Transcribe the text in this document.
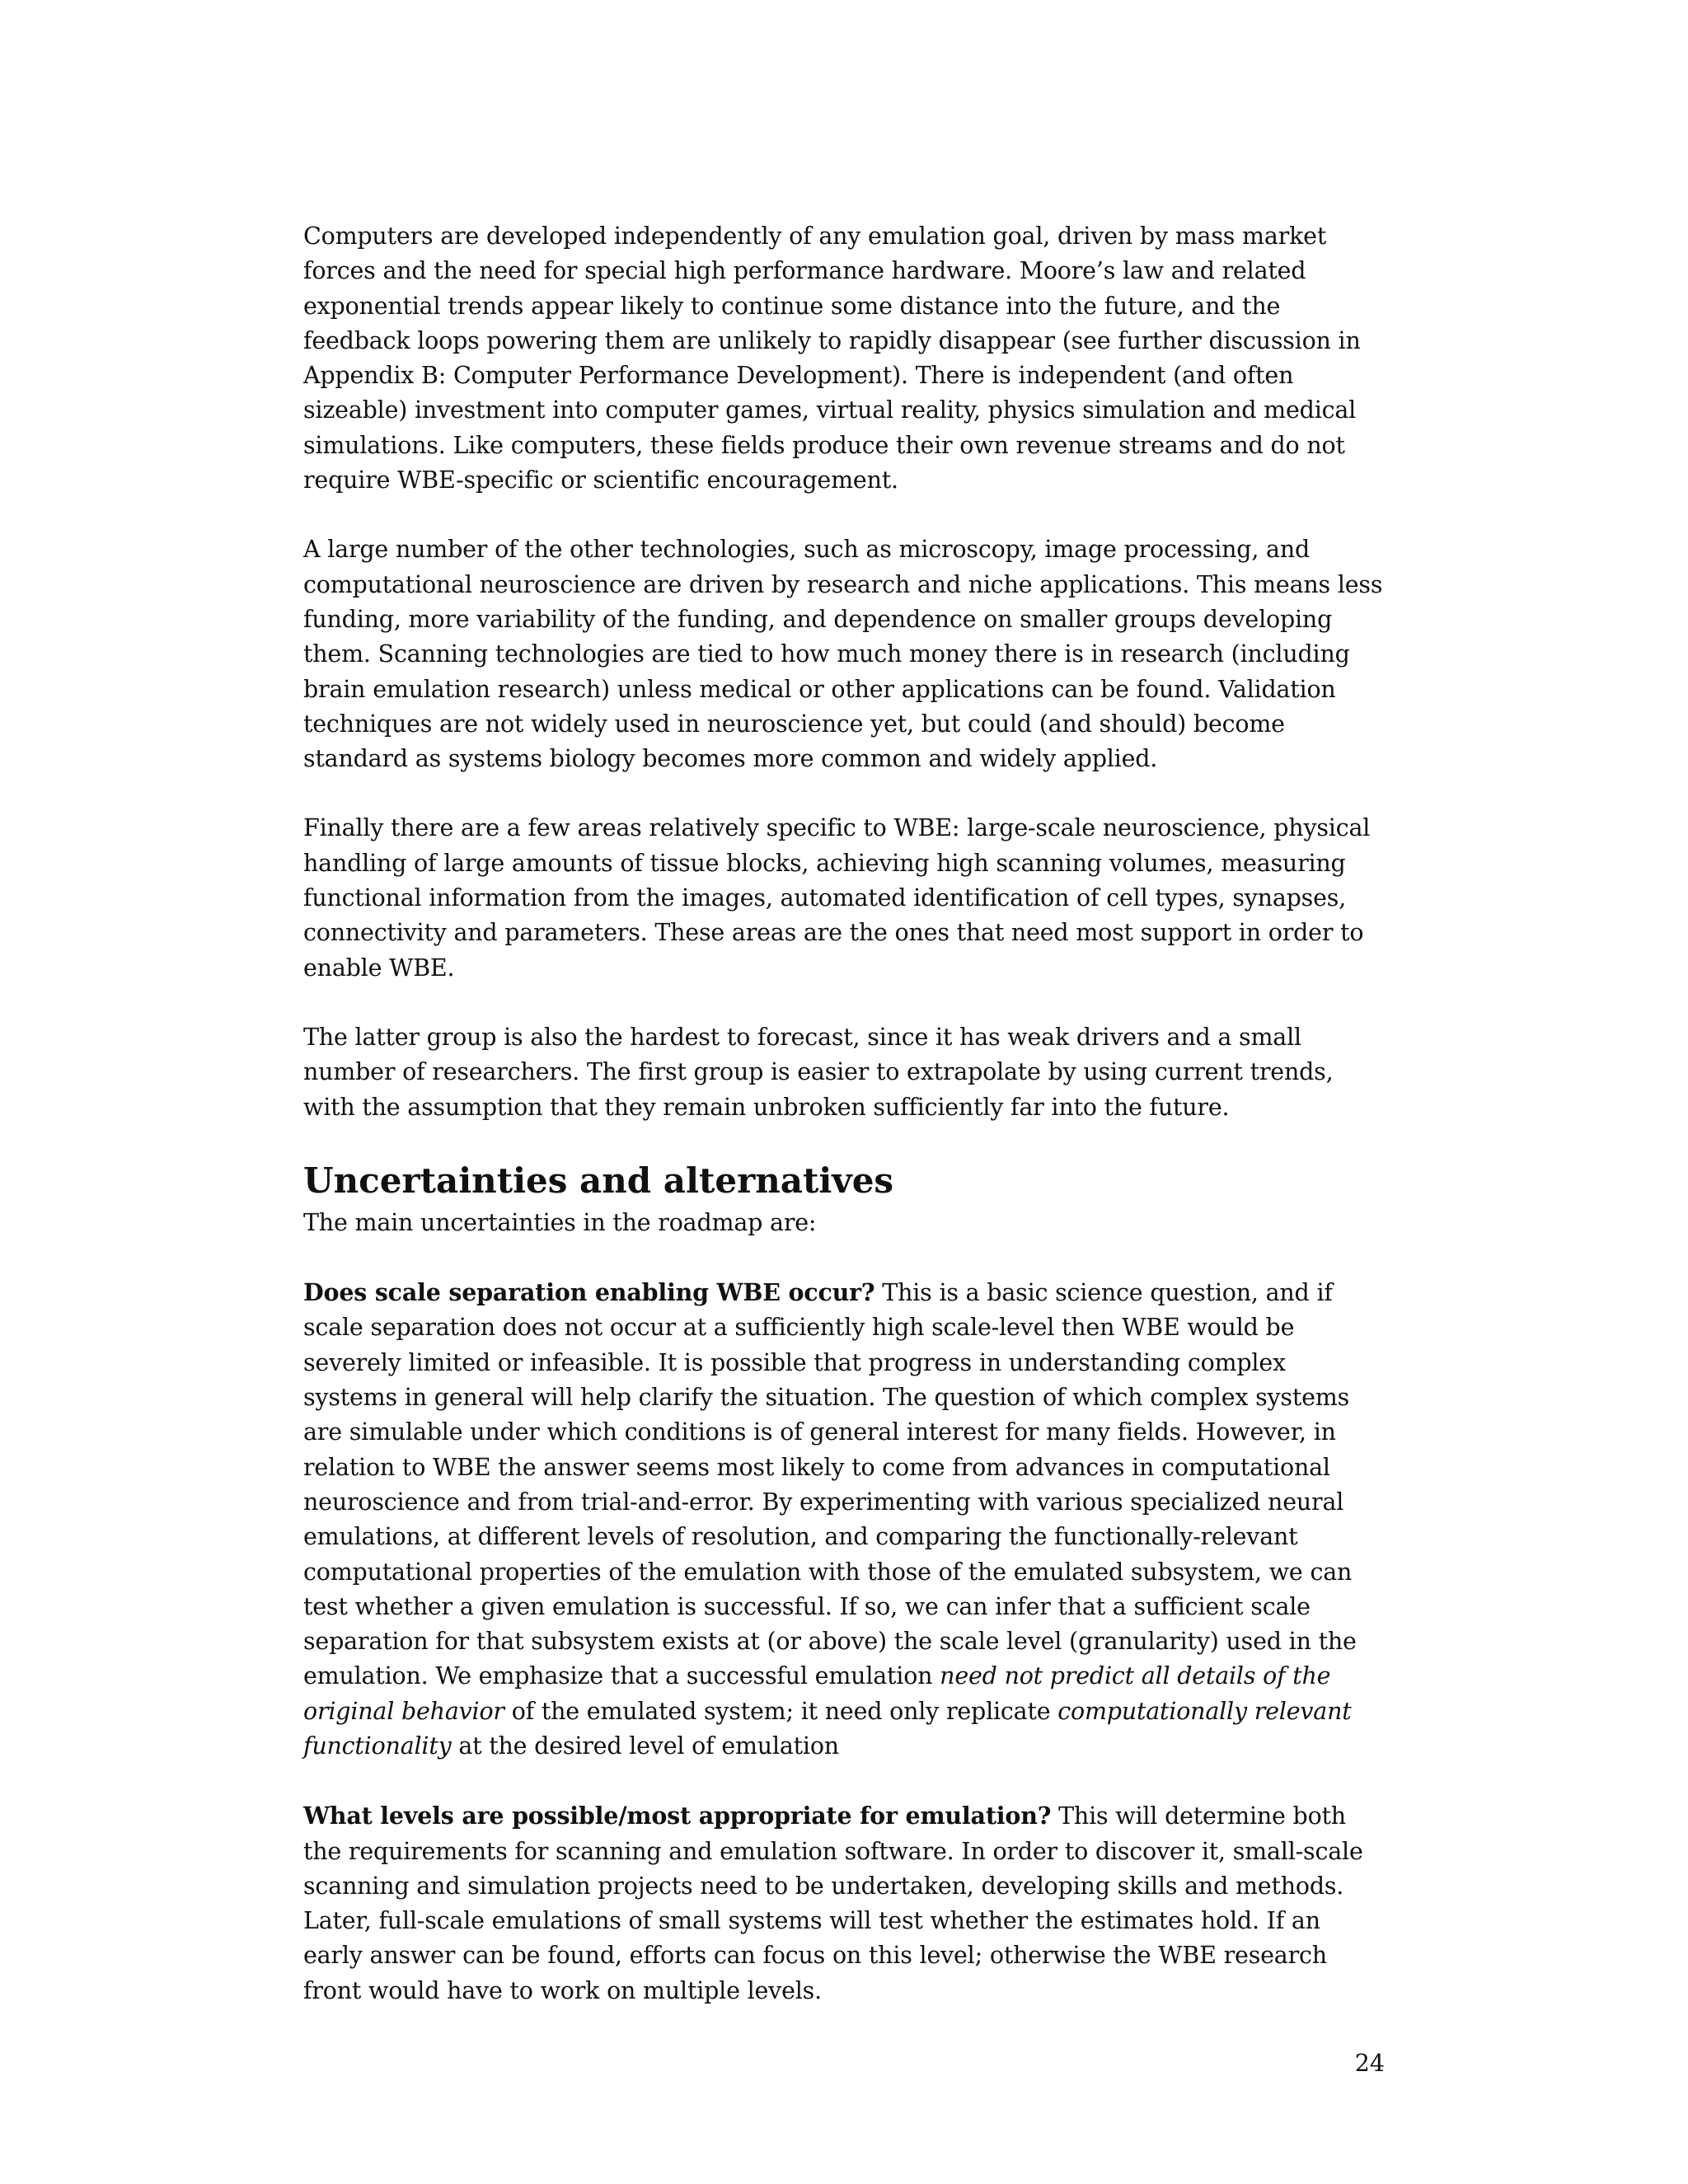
Computers are developed independently of any emulation goal, driven by mass market forces and the need for special high performance hardware. Moore’s law and related exponential trends appear likely to continue some distance into the future, and the feedback loops powering them are unlikely to rapidly disappear (see further discussion in Appendix B: Computer Performance Development). There is independent (and often sizeable) investment into computer games, virtual reality, physics simulation and medical simulations. Like computers, these fields produce their own revenue streams and do not require WBE-specific or scientific encouragement.

A large number of the other technologies, such as microscopy, image processing, and computational neuroscience are driven by research and niche applications. This means less funding, more variability of the funding, and dependence on smaller groups developing them. Scanning technologies are tied to how much money there is in research (including brain emulation research) unless medical or other applications can be found. Validation techniques are not widely used in neuroscience yet, but could (and should) become standard as systems biology becomes more common and widely applied.

Finally there are a few areas relatively specific to WBE: large-scale neuroscience, physical handling of large amounts of tissue blocks, achieving high scanning volumes, measuring functional information from the images, automated identification of cell types, synapses, connectivity and parameters. These areas are the ones that need most support in order to enable WBE.

The latter group is also the hardest to forecast, since it has weak drivers and a small number of researchers. The first group is easier to extrapolate by using current trends, with the assumption that they remain unbroken sufficiently far into the future.

Uncertainties and alternatives

The main uncertainties in the roadmap are:

Does scale separation enabling WBE occur? This is a basic science question, and if scale separation does not occur at a sufficiently high scale-level then WBE would be severely limited or infeasible. It is possible that progress in understanding complex systems in general will help clarify the situation. The question of which complex systems are simulable under which conditions is of general interest for many fields. However, in relation to WBE the answer seems most likely to come from advances in computational neuroscience and from trial-and-error. By experimenting with various specialized neural emulations, at different levels of resolution, and comparing the functionally-relevant computational properties of the emulation with those of the emulated subsystem, we can test whether a given emulation is successful. If so, we can infer that a sufficient scale separation for that subsystem exists at (or above) the scale level (granularity) used in the emulation. We emphasize that a successful emulation need not predict all details of the original behavior of the emulated system; it need only replicate computationally relevant functionality at the desired level of emulation

What levels are possible/most appropriate for emulation? This will determine both the requirements for scanning and emulation software. In order to discover it, small-scale scanning and simulation projects need to be undertaken, developing skills and methods. Later, full-scale emulations of small systems will test whether the estimates hold. If an early answer can be found, efforts can focus on this level; otherwise the WBE research front would have to work on multiple levels.

24
